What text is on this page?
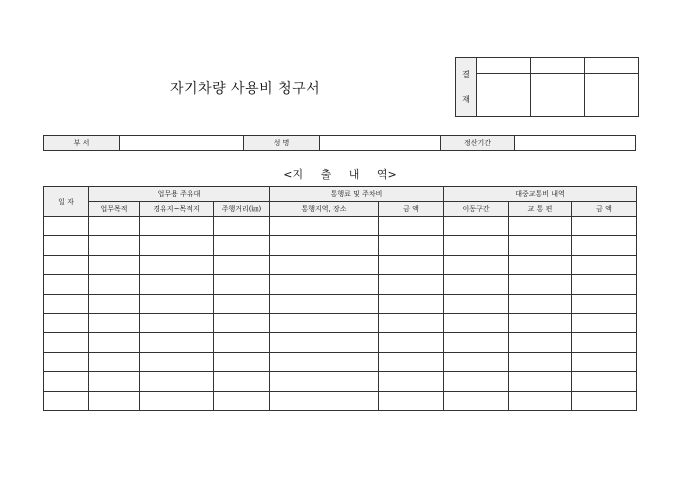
자기차량 사용비 청구서
결
재			

부 서		성 명		정산기간	
<지 출 내 역>
일 자	업무용 주유대			통행료 및 주차비		대중교통비 내역		
	업무목적	경유지~목적지	주행거리(㎞)	통행지역, 장소	금 액	이동구간	교 통 편	금 액
